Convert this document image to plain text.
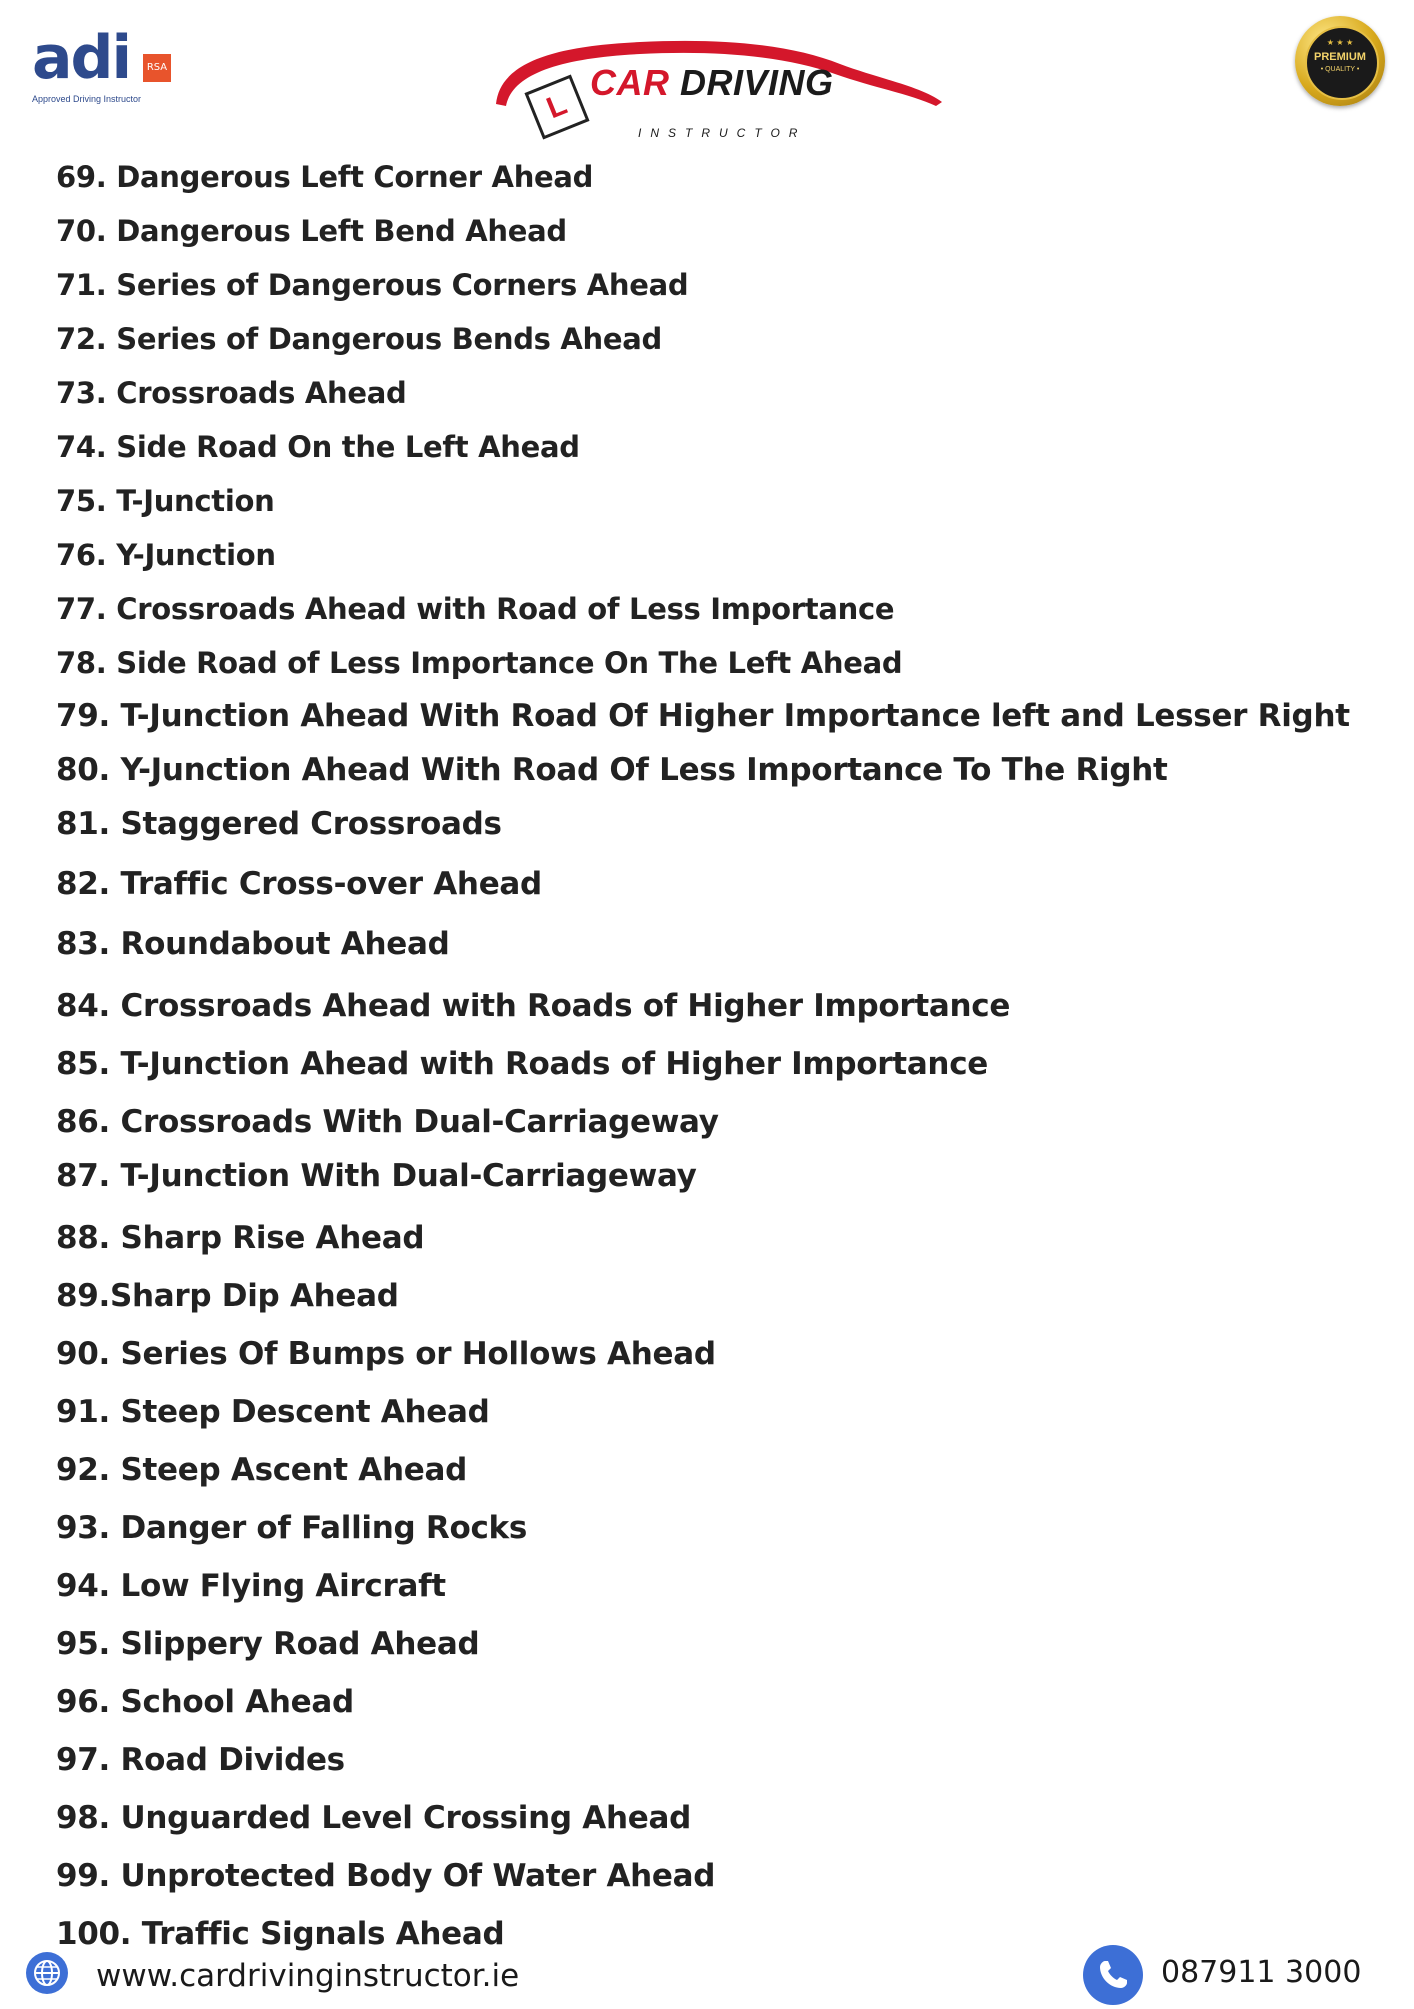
adi	RSA
Approved Driving Instructor	L
CAR DRIVING
INSTRUCTOR
★ ★ ★
PREMIUM
• QUALITY •
69. Dangerous Left Corner Ahead
70. Dangerous Left Bend Ahead
71. Series of Dangerous Corners Ahead
72. Series of Dangerous Bends Ahead
73. Crossroads Ahead
74. Side Road On the Left Ahead
75. T-Junction
76. Y-Junction
77. Crossroads Ahead with Road of Less Importance
78. Side Road of Less Importance On The Left Ahead
79. T-Junction Ahead With Road Of Higher Importance left and Lesser Right
80. Y-Junction Ahead With Road Of Less Importance To The Right
81. Staggered Crossroads
82. Traffic Cross-over Ahead
83. Roundabout Ahead
84. Crossroads Ahead with Roads of Higher Importance
85. T-Junction Ahead with Roads of Higher Importance
86. Crossroads With Dual-Carriageway
87. T-Junction With Dual-Carriageway
88. Sharp Rise Ahead
89.Sharp Dip Ahead
90. Series Of Bumps or Hollows Ahead
91. Steep Descent Ahead
92. Steep Ascent Ahead
93. Danger of Falling Rocks
94. Low Flying Aircraft
95. Slippery Road Ahead
96. School Ahead
97. Road Divides
98. Unguarded Level Crossing Ahead
99. Unprotected Body Of Water Ahead
100. Traffic Signals Ahead
www.cardrivinginstructor.ie	087911 3000
